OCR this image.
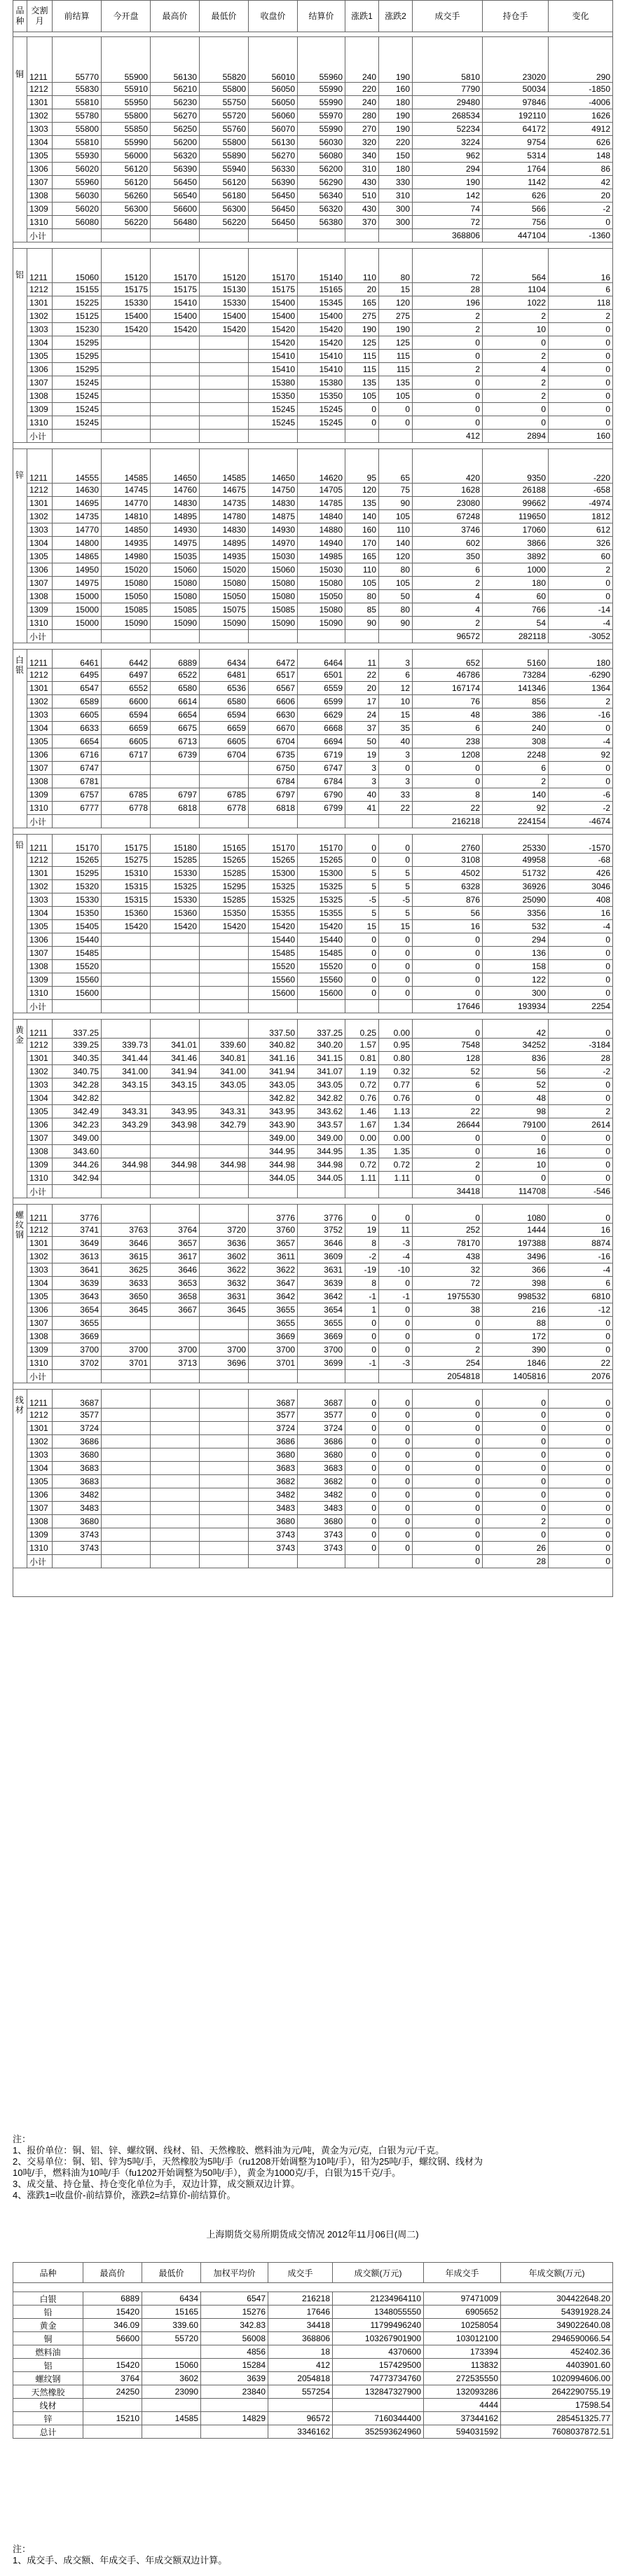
品种	交割月	前结算	今开盘	最高价	最低价	收盘价	结算价	涨跌1	涨跌2	成交手	持仓手	变化

铜	1211	55770	55900	56130	55820	56010	55960	240	190	5810	23020	290
	1212	55830	55910	56210	55800	56050	55990	220	160	7790	50034	-1850
	1301	55810	55950	56230	55750	56050	55990	240	180	29480	97846	-4006
	1302	55780	55800	56270	55720	56060	55970	280	190	268534	192110	1626
	1303	55800	55850	56250	55760	56070	55990	270	190	52234	64172	4912
	1304	55810	55990	56200	55800	56130	56030	320	220	3224	9754	626
	1305	55930	56000	56320	55890	56270	56080	340	150	962	5314	148
	1306	56020	56120	56390	55940	56330	56200	310	180	294	1764	86
	1307	55960	56120	56450	56120	56390	56290	430	330	190	1142	42
	1308	56030	56260	56540	56180	56450	56340	510	310	142	626	20
	1309	56020	56300	56600	56300	56450	56320	430	300	74	566	-2
	1310	56080	56220	56480	56220	56450	56380	370	300	72	756	0
	小计									368806	447104	-1360

铝	1211	15060	15120	15170	15120	15170	15140	110	80	72	564	16
	1212	15155	15175	15175	15130	15175	15165	20	15	28	1104	6
	1301	15225	15330	15410	15330	15400	15345	165	120	196	1022	118
	1302	15125	15400	15400	15400	15400	15400	275	275	2	2	2
	1303	15230	15420	15420	15420	15420	15420	190	190	2	10	0
	1304	15295				15420	15420	125	125	0	0	0
	1305	15295				15410	15410	115	115	0	2	0
	1306	15295				15410	15410	115	115	2	4	0
	1307	15245				15380	15380	135	135	0	2	0
	1308	15245				15350	15350	105	105	0	2	0
	1309	15245				15245	15245	0	0	0	0	0
	1310	15245				15245	15245	0	0	0	0	0
	小计									412	2894	160

锌	1211	14555	14585	14650	14585	14650	14620	95	65	420	9350	-220
	1212	14630	14745	14760	14675	14750	14705	120	75	1628	26188	-658
	1301	14695	14770	14830	14735	14830	14785	135	90	23080	99662	-4974
	1302	14735	14810	14895	14780	14875	14840	140	105	67248	119650	1812
	1303	14770	14850	14930	14830	14930	14880	160	110	3746	17060	612
	1304	14800	14935	14975	14895	14970	14940	170	140	602	3866	326
	1305	14865	14980	15035	14935	15030	14985	165	120	350	3892	60
	1306	14950	15020	15060	15020	15060	15030	110	80	6	1000	2
	1307	14975	15080	15080	15080	15080	15080	105	105	2	180	0
	1308	15000	15050	15080	15050	15080	15050	80	50	4	60	0
	1309	15000	15085	15085	15075	15085	15080	85	80	4	766	-14
	1310	15000	15090	15090	15090	15090	15090	90	90	2	54	-4
	小计									96572	282118	-3052

白银	1211	6461	6442	6889	6434	6472	6464	11	3	652	5160	180
	1212	6495	6497	6522	6481	6517	6501	22	6	46786	73284	-6290
	1301	6547	6552	6580	6536	6567	6559	20	12	167174	141346	1364
	1302	6589	6600	6614	6580	6606	6599	17	10	76	856	2
	1303	6605	6594	6654	6594	6630	6629	24	15	48	386	-16
	1304	6633	6659	6675	6659	6670	6668	37	35	6	240	0
	1305	6654	6605	6713	6605	6704	6694	50	40	238	308	-4
	1306	6716	6717	6739	6704	6735	6719	19	3	1208	2248	92
	1307	6747				6750	6747	3	0	0	6	0
	1308	6781				6784	6784	3	3	0	2	0
	1309	6757	6785	6797	6785	6797	6790	40	33	8	140	-6
	1310	6777	6778	6818	6778	6818	6799	41	22	22	92	-2
	小计									216218	224154	-4674

铅	1211	15170	15175	15180	15165	15170	15170	0	0	2760	25330	-1570
	1212	15265	15275	15285	15265	15265	15265	0	0	3108	49958	-68
	1301	15295	15310	15330	15285	15300	15300	5	5	4502	51732	426
	1302	15320	15315	15325	15295	15325	15325	5	5	6328	36926	3046
	1303	15330	15315	15330	15285	15325	15325	-5	-5	876	25090	408
	1304	15350	15360	15360	15350	15355	15355	5	5	56	3356	16
	1305	15405	15420	15420	15420	15420	15420	15	15	16	532	-4
	1306	15440				15440	15440	0	0	0	294	0
	1307	15485				15485	15485	0	0	0	136	0
	1308	15520				15520	15520	0	0	0	158	0
	1309	15560				15560	15560	0	0	0	122	0
	1310	15600				15600	15600	0	0	0	300	0
	小计									17646	193934	2254

黄金	1211	337.25				337.50	337.25	0.25	0.00	0	42	0
	1212	339.25	339.73	341.01	339.60	340.82	340.20	1.57	0.95	7548	34252	-3184
	1301	340.35	341.44	341.46	340.81	341.16	341.15	0.81	0.80	128	836	28
	1302	340.75	341.00	341.94	341.00	341.94	341.07	1.19	0.32	52	56	-2
	1303	342.28	343.15	343.15	343.05	343.05	343.05	0.72	0.77	6	52	0
	1304	342.82				342.82	342.82	0.76	0.76	0	48	0
	1305	342.49	343.31	343.95	343.31	343.95	343.62	1.46	1.13	22	98	2
	1306	342.23	343.29	343.98	342.79	343.90	343.57	1.67	1.34	26644	79100	2614
	1307	349.00				349.00	349.00	0.00	0.00	0	0	0
	1308	343.60				344.95	344.95	1.35	1.35	0	16	0
	1309	344.26	344.98	344.98	344.98	344.98	344.98	0.72	0.72	2	10	0
	1310	342.94				344.05	344.05	1.11	1.11	0	0	0
	小计									34418	114708	-546

螺纹钢	1211	3776				3776	3776	0	0	0	1080	0
	1212	3741	3763	3764	3720	3760	3752	19	11	252	1444	16
	1301	3649	3646	3657	3636	3657	3646	8	-3	78170	197388	8874
	1302	3613	3615	3617	3602	3611	3609	-2	-4	438	3496	-16
	1303	3641	3625	3646	3622	3622	3631	-19	-10	32	366	-4
	1304	3639	3633	3653	3632	3647	3639	8	0	72	398	6
	1305	3643	3650	3658	3631	3642	3642	-1	-1	1975530	998532	6810
	1306	3654	3645	3667	3645	3655	3654	1	0	38	216	-12
	1307	3655				3655	3655	0	0	0	88	0
	1308	3669				3669	3669	0	0	0	172	0
	1309	3700	3700	3700	3700	3700	3700	0	0	2	390	0
	1310	3702	3701	3713	3696	3701	3699	-1	-3	254	1846	22
	小计									2054818	1405816	2076

线材	1211	3687				3687	3687	0	0	0	0	0
	1212	3577				3577	3577	0	0	0	0	0
	1301	3724				3724	3724	0	0	0	0	0
	1302	3686				3686	3686	0	0	0	0	0
	1303	3680				3680	3680	0	0	0	0	0
	1304	3683				3683	3683	0	0	0	0	0
	1305	3683				3682	3682	0	0	0	0	0
	1306	3482				3482	3482	0	0	0	0	0
	1307	3483				3483	3483	0	0	0	0	0
	1308	3680				3680	3680	0	0	0	2	0
	1309	3743				3743	3743	0	0	0	0	0
	1310	3743				3743	3743	0	0	0	26	0
	小计									0	28	0

注：

1、报价单位：铜、铝、锌、螺纹钢、线材、铅、天然橡胶、燃料油为元/吨，黄金为元/克，白银为元/千克。

2、交易单位：铜、铝、锌为5吨/手，天然橡胶为5吨/手（ru1208开始调整为10吨/手），铅为25吨/手，螺纹钢、线材为

10吨/手，燃料油为10吨/手（fu1202开始调整为50吨/手），黄金为1000克/手，白银为15千克/手。

3、成交量、持仓量、持仓变化单位为手，双边计算，成交额双边计算。

4、涨跌1=收盘价-前结算价，涨跌2=结算价-前结算价。

上海期货交易所期货成交情况 2012年11月06日(周二)
品种	最高价	最低价	加权平均价	成交手	成交额(万元)	年成交手	年成交额(万元)

白银	6889	6434	6547	216218	21234964110	97471009	304422648.20
铅	15420	15165	15276	17646	1348055550	6905652	54391928.24
黄金	346.09	339.60	342.83	34418	11799496240	10258054	349022640.08
铜	56600	55720	56008	368806	103267901900	103012100	2946590066.54
燃料油			4856	18	4370600	173394	452402.36
铝	15420	15060	15284	412	157429500	113832	4403901.60
螺纹钢	3764	3602	3639	2054818	74773734760	272535550	1020994606.00
天然橡胶	24250	23090	23840	557254	132847327900	132093286	2642290755.19
线材						4444	17598.54
锌	15210	14585	14829	96572	7160344400	37344162	285451325.77
总计				3346162	352593624960	594031592	7608037872.51

注：

1、成交手、成交额、年成交手、年成交额双边计算。
